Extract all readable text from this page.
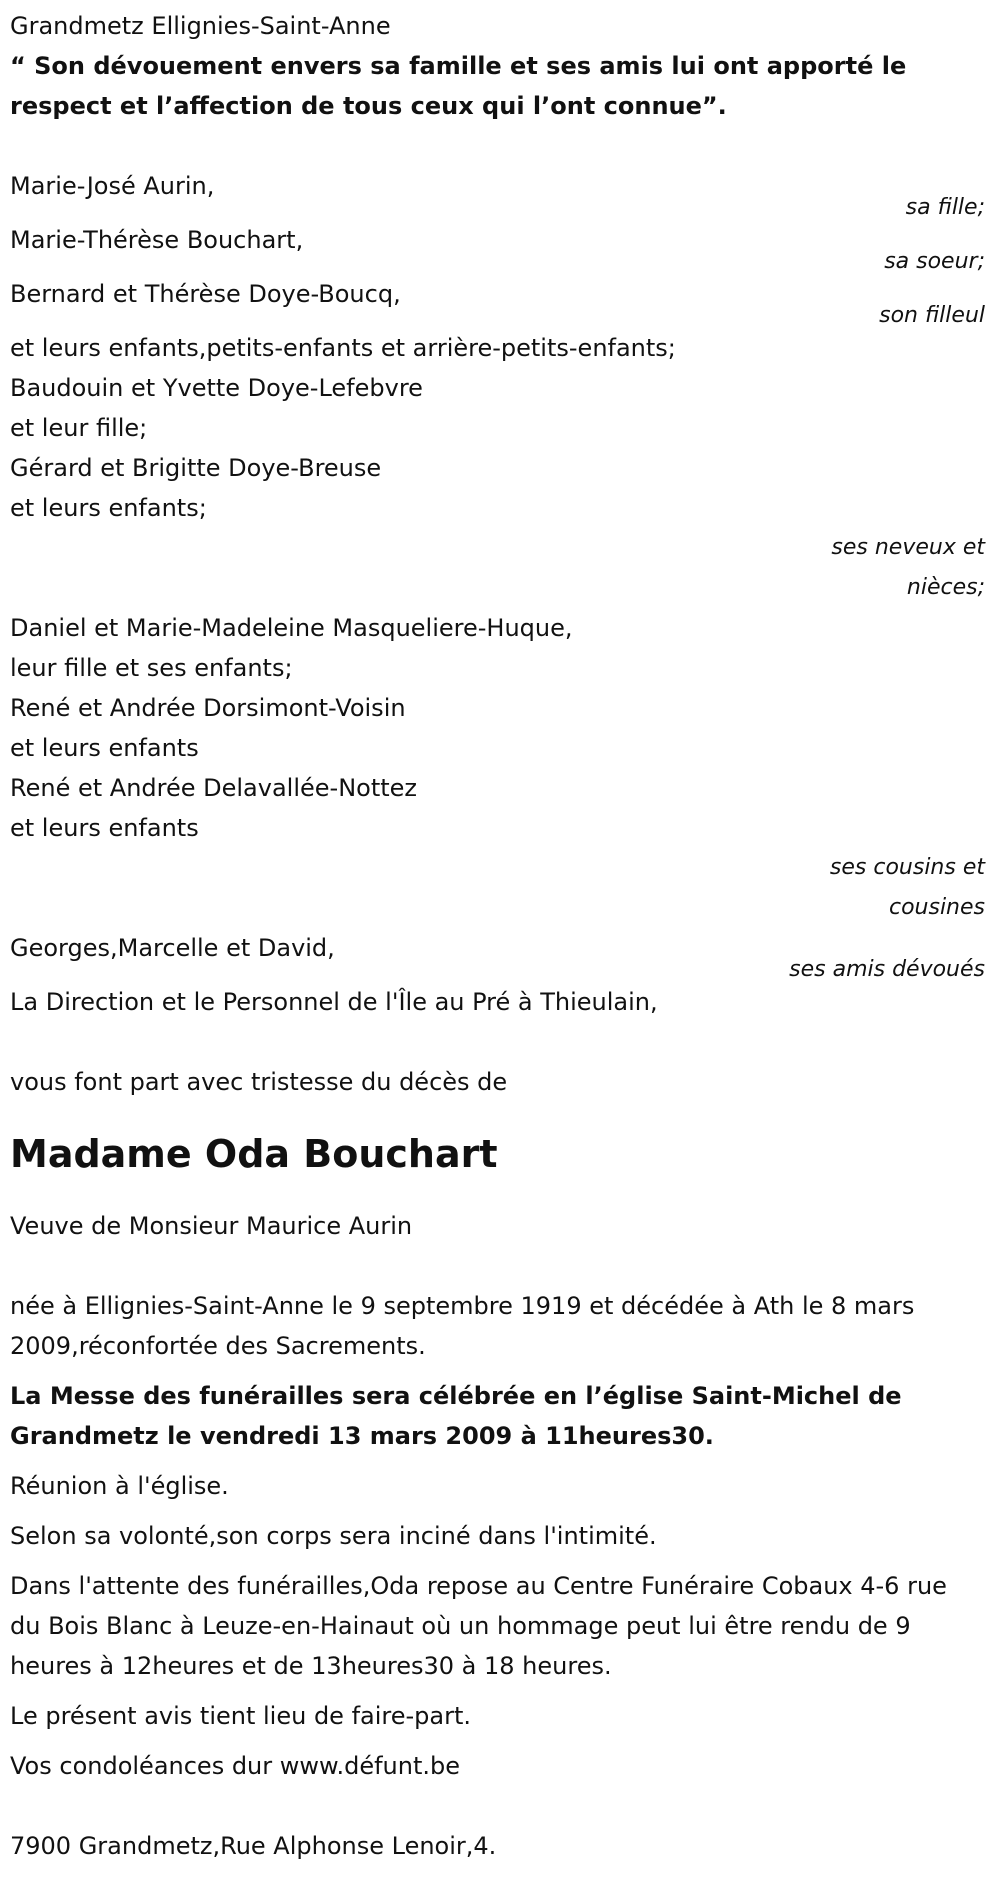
Grandmetz Ellignies-Saint-Anne

“ Son dévouement envers sa famille et ses amis lui ont apporté le respect et l’affection de tous ceux qui l’ont connue”.

Marie-José Aurin,

sa fille;

Marie-Thérèse Bouchart,

sa soeur;

Bernard et Thérèse Doye-Boucq,

son filleul

et leurs enfants,petits-enfants et arrière-petits-enfants;

Baudouin et Yvette Doye-Lefebvre

et leur fille;

Gérard et Brigitte Doye-Breuse

et leurs enfants;

ses neveux et

nièces;

Daniel et Marie-Madeleine Masqueliere-Huque,

leur fille et ses enfants;

René et Andrée Dorsimont-Voisin

et leurs enfants

René et Andrée Delavallée-Nottez

et leurs enfants

ses cousins et

cousines

Georges,Marcelle et David,

ses amis dévoués

La Direction et le Personnel de l'Île au Pré à Thieulain,

vous font part avec tristesse du décès de

Madame Oda Bouchart

Veuve de Monsieur Maurice Aurin

née à Ellignies-Saint-Anne le 9 septembre 1919 et décédée à Ath le 8 mars 2009,réconfortée des Sacrements.

La Messe des funérailles sera célébrée en l’église Saint-Michel de Grandmetz le vendredi 13 mars 2009 à 11heures30.

Réunion à l'église.

Selon sa volonté,son corps sera inciné dans l'intimité.

Dans l'attente des funérailles,Oda repose au Centre Funéraire Cobaux 4-6 rue du Bois Blanc à Leuze-en-Hainaut où un hommage peut lui être rendu de 9 heures à 12heures et de 13heures30 à 18 heures.

Le présent avis tient lieu de faire-part.

Vos condoléances dur www.défunt.be

7900 Grandmetz,Rue Alphonse Lenoir,4.
